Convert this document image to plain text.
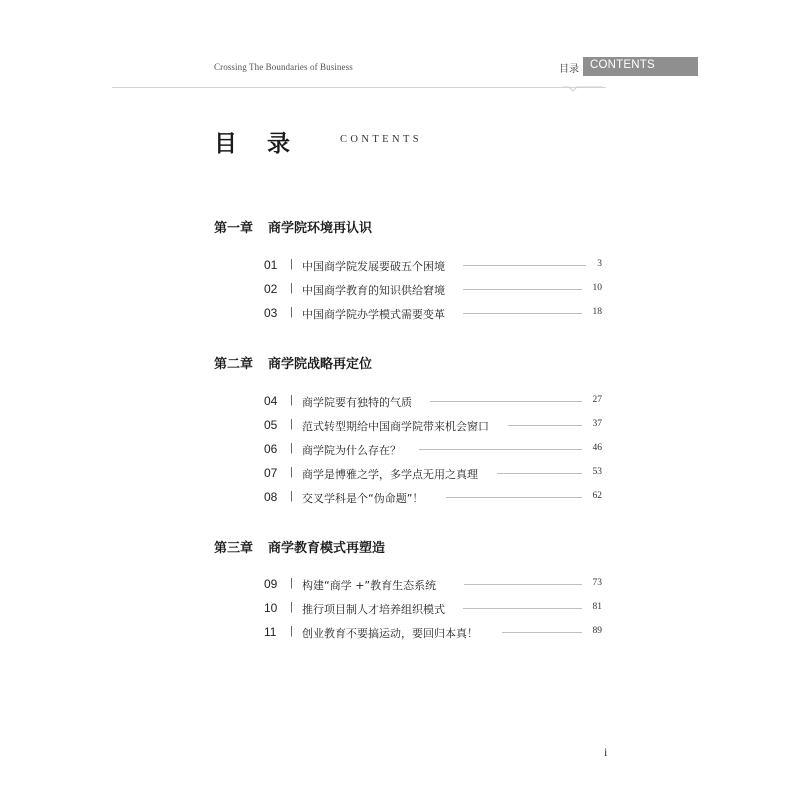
Crossing The Boundaries of Business	目录 CONTENTS
目 录	CONTENTS
第一章 商学院环境再认识
01 | 中国商学院发展要破五个困境	3
02 | 中国商学教育的知识供给窘境	10
03 | 中国商学院办学模式需要变革	18
第二章 商学院战略再定位
04 | 商学院要有独特的气质	27
05 | 范式转型期给中国商学院带来机会窗口	37
06 | 商学院为什么存在？	46
07 | 商学是博雅之学，多学点无用之真理	53
08 | 交叉学科是个“伪命题”！	62
第三章 商学教育模式再塑造
09 | 构建“商学 +”教育生态系统	73
10 | 推行项目制人才培养组织模式	81
11 | 创业教育不要搞运动，要回归本真！	89
i
